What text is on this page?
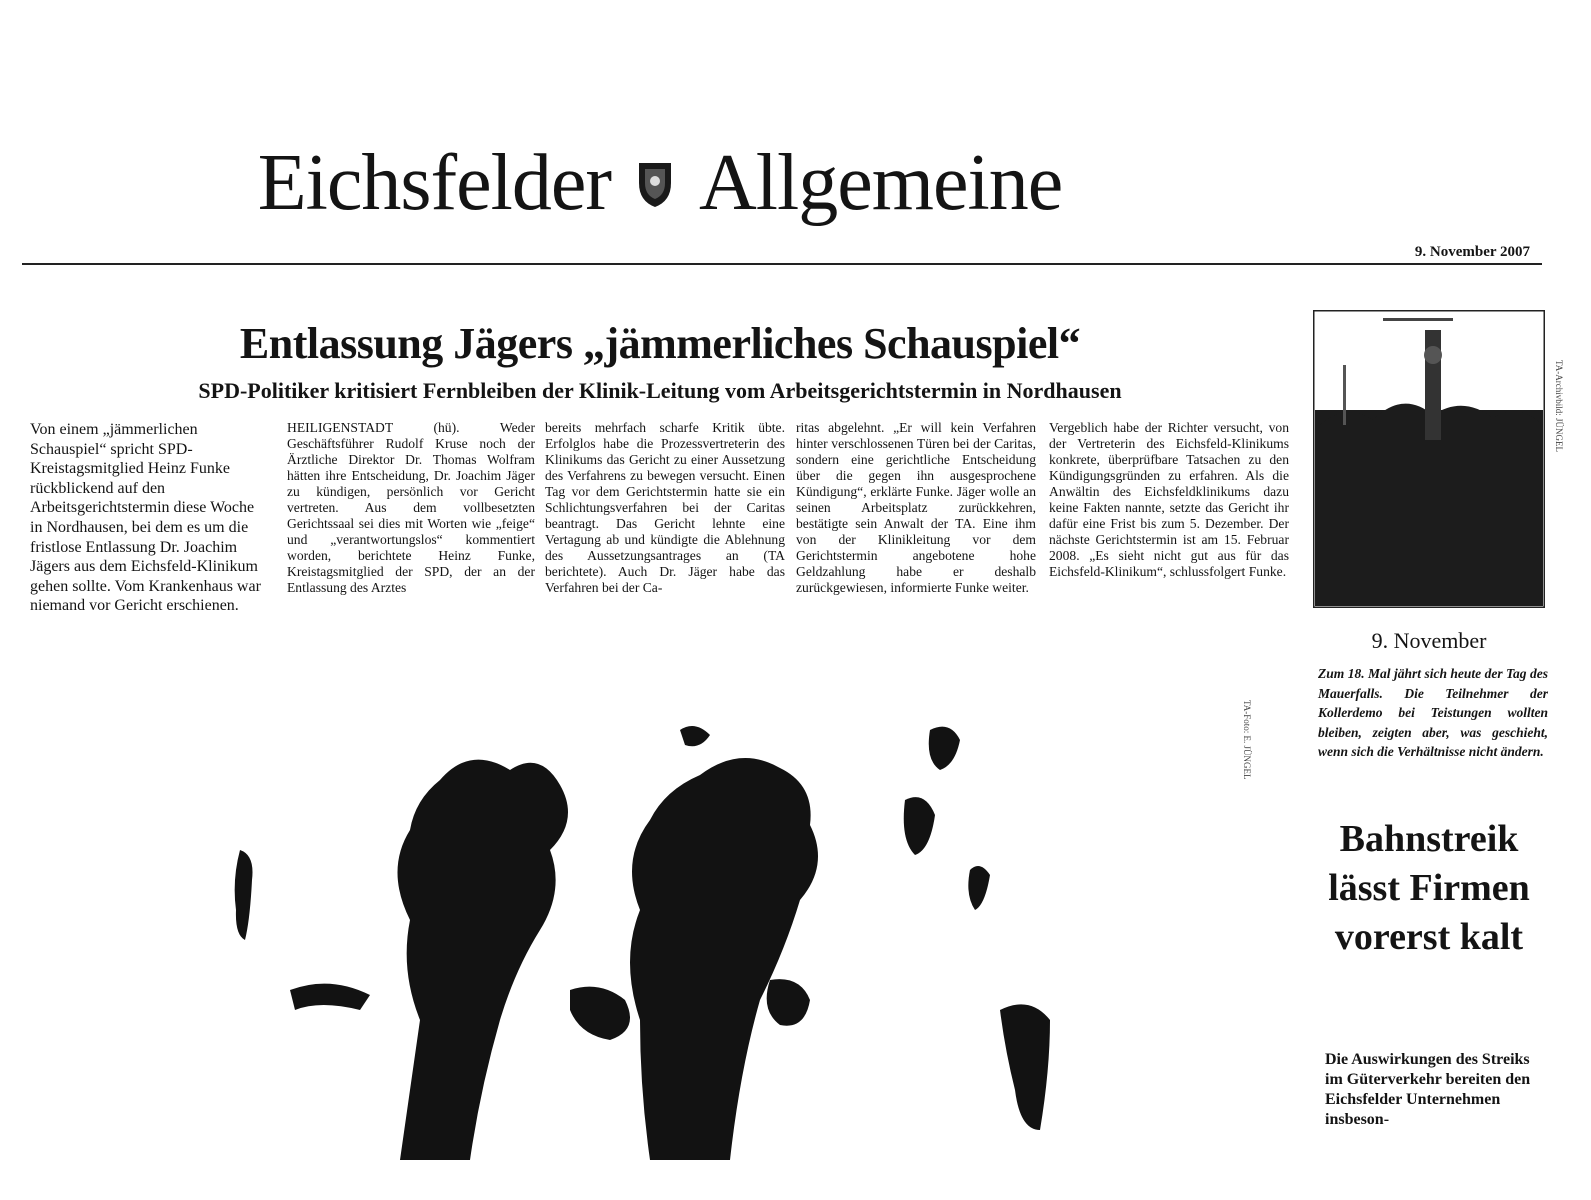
Eichsfelder Allgemeine
9. November 2007
Entlassung Jägers „jämmerliches Schauspiel“
SPD-Politiker kritisiert Fernbleiben der Klinik-Leitung vom Arbeitsgerichtstermin in Nordhausen
Von einem „jämmerlichen Schauspiel“ spricht SPD-Kreistagsmitglied Heinz Funke rückblickend auf den Arbeitsgerichtstermin diese Woche in Nordhausen, bei dem es um die fristlose Entlassung Dr. Joachim Jägers aus dem Eichsfeld-Klinikum gehen sollte. Vom Krankenhaus war niemand vor Gericht erschienen.
HEILIGENSTADT (hü). Weder Geschäftsführer Rudolf Kruse noch der Ärztliche Direktor Dr. Thomas Wolfram hätten ihre Entscheidung, Dr. Joachim Jäger zu kündigen, persönlich vor Gericht vertreten. Aus dem vollbesetzten Gerichtssaal sei dies mit Worten wie „feige“ und „verantwortungslos“ kommentiert worden, berichtete Heinz Funke, Kreistagsmitglied der SPD, der an der Entlassung des Arztes
bereits mehrfach scharfe Kritik übte. Erfolglos habe die Prozessvertreterin des Klinikums das Gericht zu einer Aussetzung des Verfahrens zu bewegen versucht. Einen Tag vor dem Gerichtstermin hatte sie ein Schlichtungsverfahren bei der Caritas beantragt. Das Gericht lehnte eine Vertagung ab und kündigte die Ablehnung des Aussetzungsantrages an (TA berichtete). Auch Dr. Jäger habe das Verfahren bei der Ca-
ritas abgelehnt. „Er will kein Verfahren hinter verschlossenen Türen bei der Caritas, sondern eine gerichtliche Entscheidung über die gegen ihn ausgesprochene Kündigung“, erklärte Funke. Jäger wolle an seinen Arbeitsplatz zurückkehren, bestätigte sein Anwalt der TA. Eine ihm von der Klinikleitung vor dem Gerichtstermin angebotene hohe Geldzahlung habe er deshalb zurückgewiesen, informierte Funke weiter.
Vergeblich habe der Richter versucht, von der Vertreterin des Eichsfeld-Klinikums konkrete, überprüfbare Tatsachen zu den Kündigungsgründen zu erfahren. Als die Anwältin des Eichsfeldklinikums dazu keine Fakten nannte, setzte das Gericht ihr dafür eine Frist bis zum 5. Dezember. Der nächste Gerichtstermin ist am 15. Februar 2008. „Es sieht nicht gut aus für das Eichsfeld-Klinikum“, schlussfolgert Funke.
TA-Archivbild: JÜNGEL
9. November
Zum 18. Mal jährt sich heute der Tag des Mauerfalls. Die Teilnehmer der Kollerdemo bei Teistungen wollten bleiben, zeigten aber, was geschieht, wenn sich die Verhältnisse nicht ändern.
Bahnstreik lässt Firmen vorerst kalt
Die Auswirkungen des Streiks im Güterverkehr bereiten den Eichsfelder Unternehmen insbeson-
TA-Foto: E. JÜNGEL
